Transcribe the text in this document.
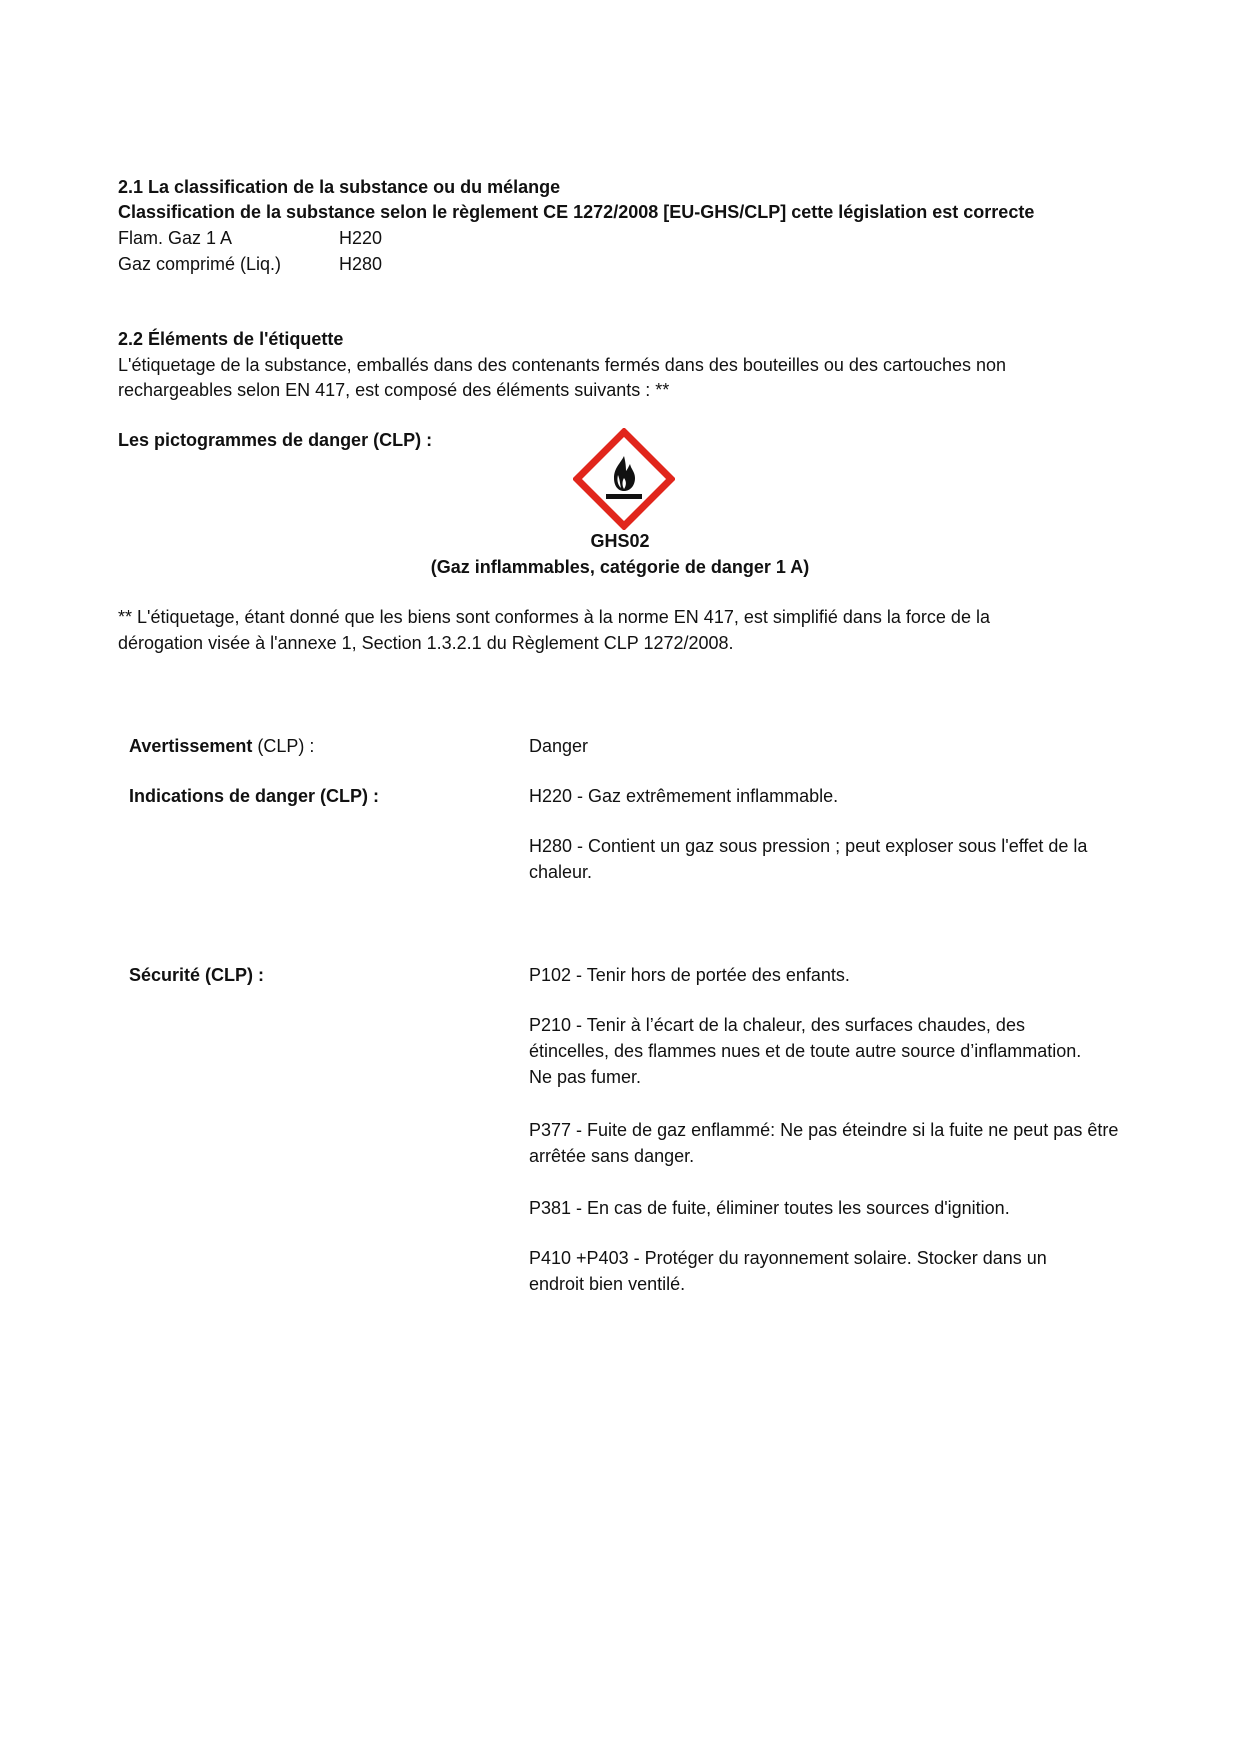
2.1 La classification de la substance ou du mélange
Classification de la substance selon le règlement CE 1272/2008 [EU-GHS/CLP] cette législation est correcte
Flam. Gaz 1 A	H220
Gaz comprimé (Liq.)	H280
2.2 Éléments de l'étiquette
L'étiquetage de la substance, emballés dans des contenants fermés dans des bouteilles ou des cartouches non
rechargeables selon EN 417, est composé des éléments suivants : **
Les pictogrammes de danger (CLP) :
GHS02
(Gaz inflammables, catégorie de danger 1 A)
** L'étiquetage, étant donné que les biens sont conformes à la norme EN 417, est simplifié dans la force de la
dérogation visée à l'annexe 1, Section 1.3.2.1 du Règlement CLP 1272/2008.
Avertissement (CLP) :	Danger
Indications de danger (CLP) :	H220 - Gaz extrêmement inflammable.
H280 - Contient un gaz sous pression ; peut exploser sous l'effet de la chaleur.
Sécurité (CLP) :	P102 - Tenir hors de portée des enfants.
P210 - Tenir à l’écart de la chaleur, des surfaces chaudes, des étincelles, des flammes nues et de toute autre source d’inflammation. Ne pas fumer.
P377 - Fuite de gaz enflammé: Ne pas éteindre si la fuite ne peut pas être arrêtée sans danger.
P381 - En cas de fuite, éliminer toutes les sources d'ignition.
P410 +P403 - Protéger du rayonnement solaire. Stocker dans un endroit bien ventilé.
